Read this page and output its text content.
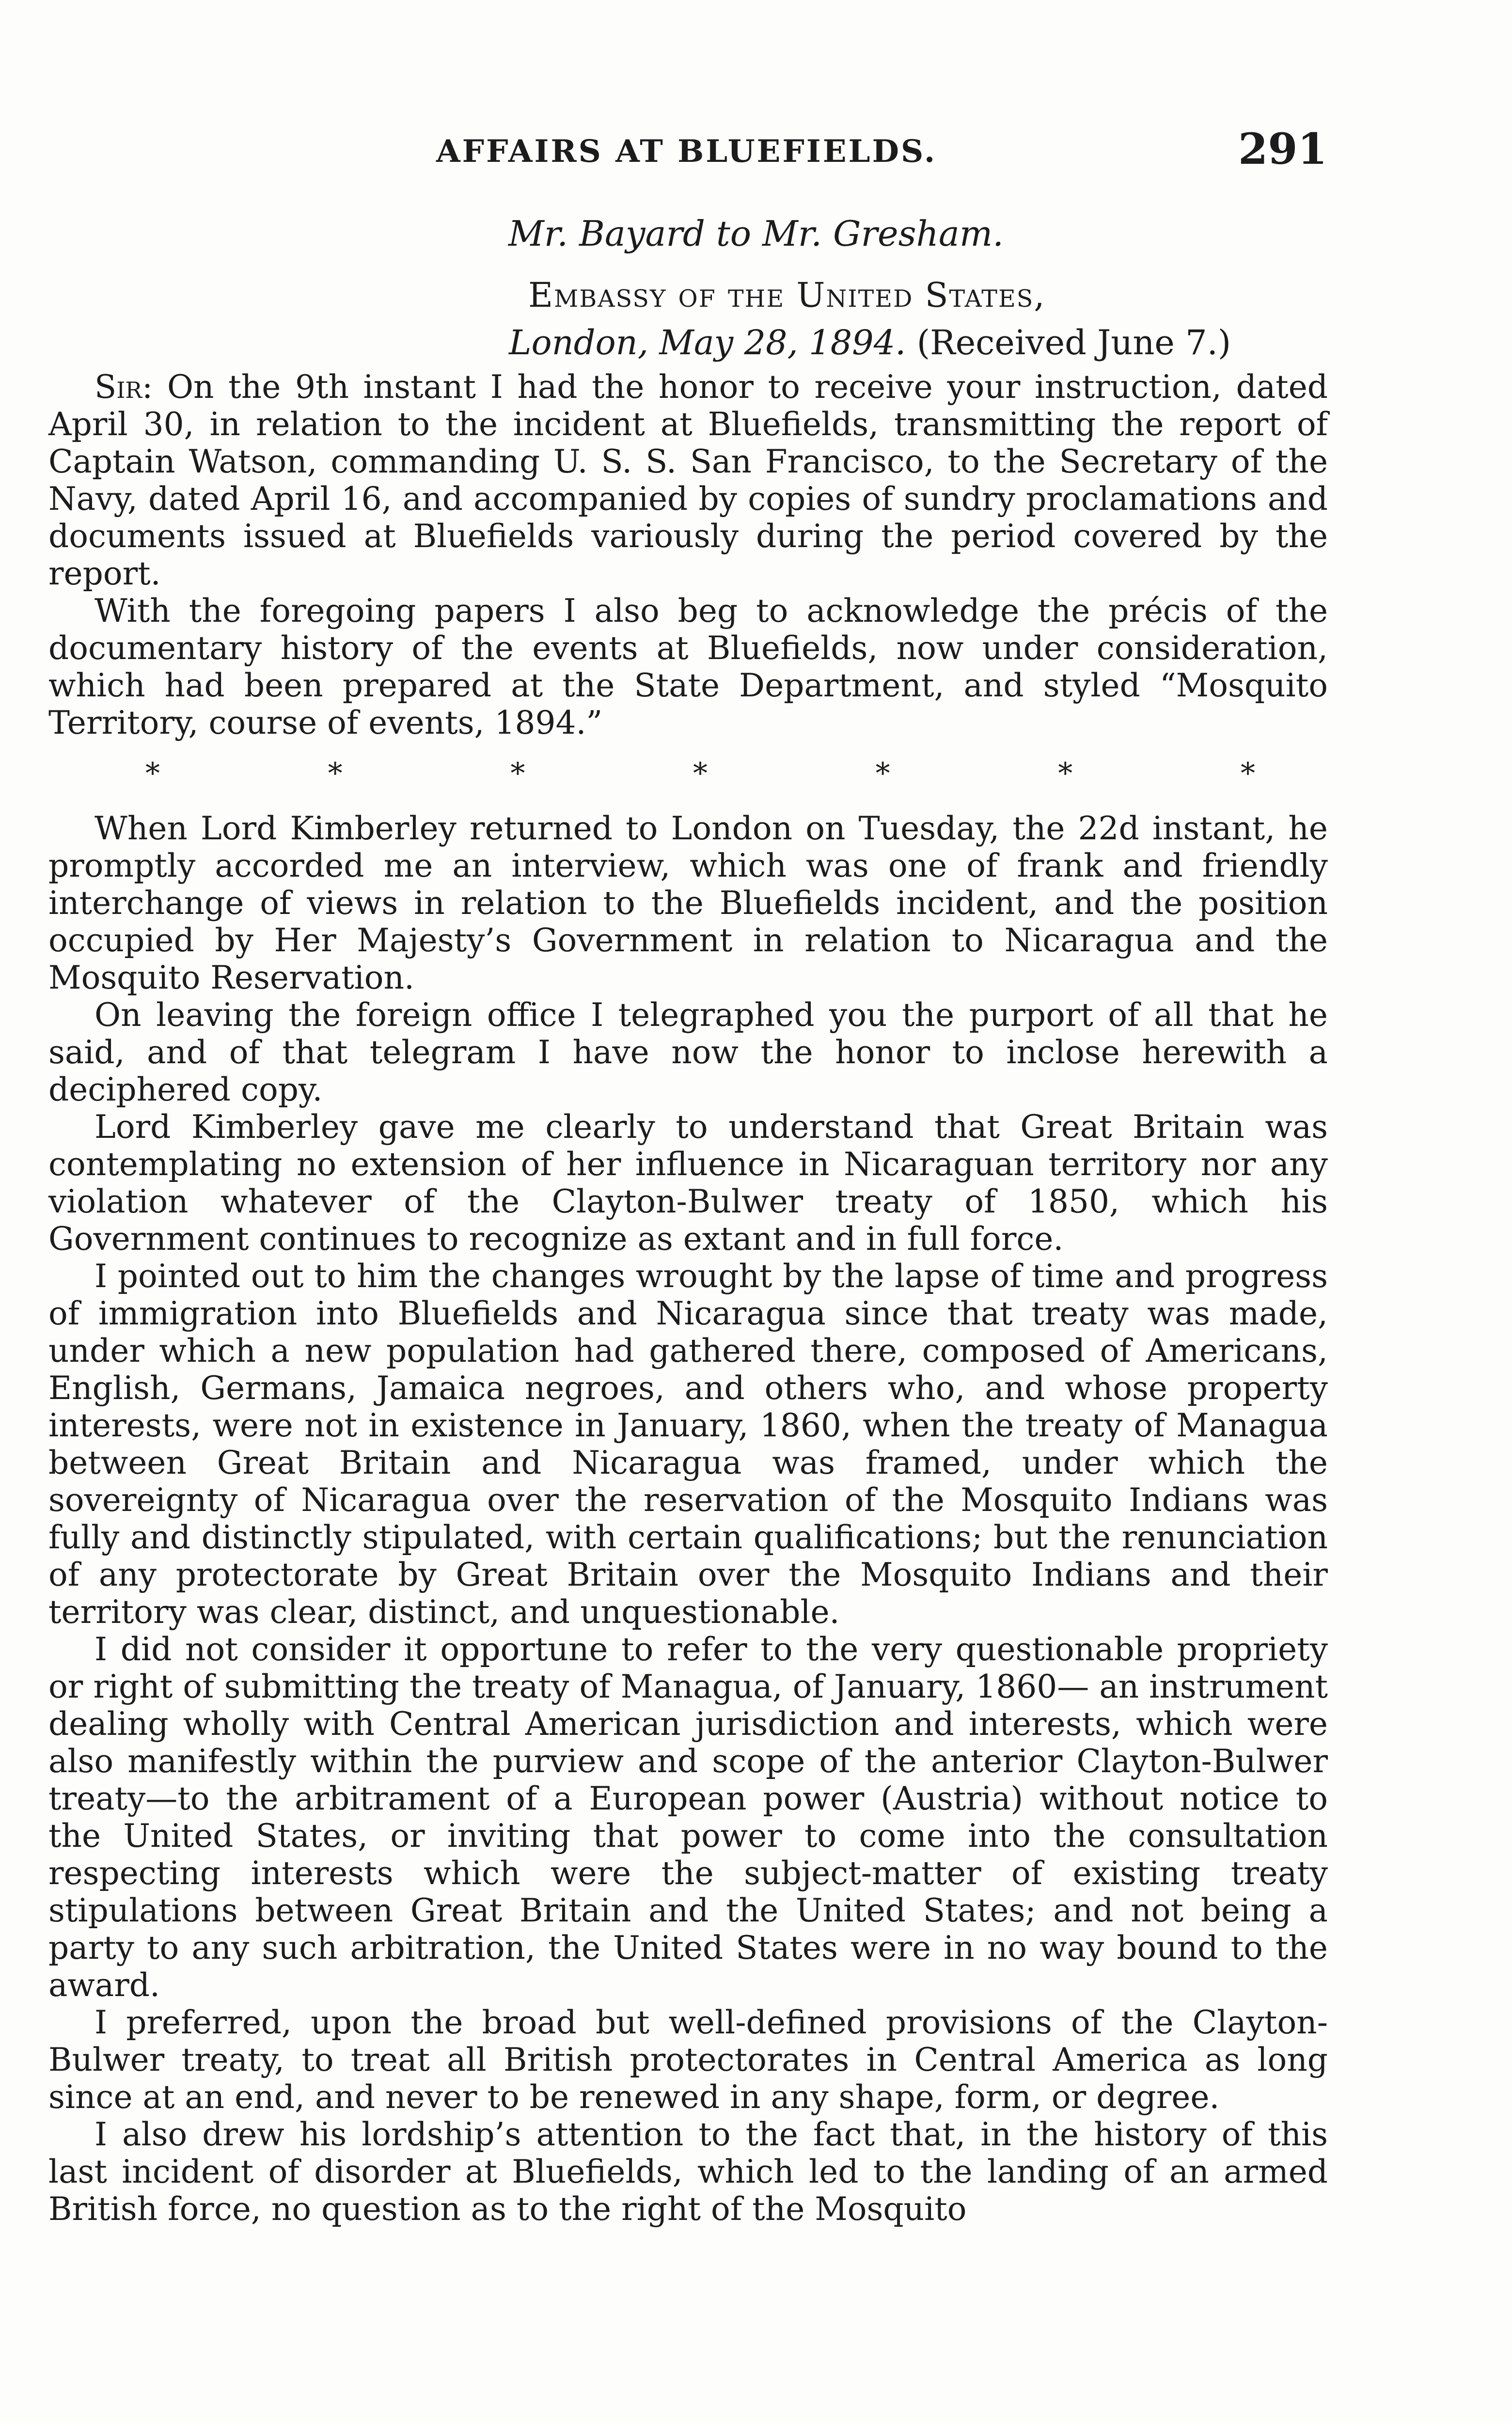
AFFAIRS AT BLUEFIELDS.	291
Mr. Bayard to Mr. Gresham.
Embassy of the United States,
London, May 28, 1894. (Received June 7.)

Sir: On the 9th instant I had the honor to receive your instruction, dated April 30, in relation to the incident at Bluefields, transmitting the report of Captain Watson, commanding U. S. S. San Francisco, to the Secretary of the Navy, dated April 16, and accompanied by copies of sundry proclamations and documents issued at Bluefields variously during the period covered by the report.

With the foregoing papers I also beg to acknowledge the précis of the documentary history of the events at Bluefields, now under consideration, which had been prepared at the State Department, and styled “Mosquito Territory, course of events, 1894.”

*	*	*	*	*	*	*

When Lord Kimberley returned to London on Tuesday, the 22d instant, he promptly accorded me an interview, which was one of frank and friendly interchange of views in relation to the Bluefields incident, and the position occupied by Her Majesty’s Government in relation to Nicaragua and the Mosquito Reservation.

On leaving the foreign office I telegraphed you the purport of all that he said, and of that telegram I have now the honor to inclose herewith a deciphered copy.

Lord Kimberley gave me clearly to understand that Great Britain was contemplating no extension of her influence in Nicaraguan territory nor any violation whatever of the Clayton-Bulwer treaty of 1850, which his Government continues to recognize as extant and in full force.

I pointed out to him the changes wrought by the lapse of time and progress of immigration into Bluefields and Nicaragua since that treaty was made, under which a new population had gathered there, composed of Americans, English, Germans, Jamaica negroes, and others who, and whose property interests, were not in existence in January, 1860, when the treaty of Managua between Great Britain and Nicaragua was framed, under which the sovereignty of Nicaragua over the reservation of the Mosquito Indians was fully and distinctly stipulated, with certain qualifications; but the renunciation of any protectorate by Great Britain over the Mosquito Indians and their territory was clear, distinct, and unquestionable.

I did not consider it opportune to refer to the very questionable propriety or right of submitting the treaty of Managua, of January, 1860— an instrument dealing wholly with Central American jurisdiction and interests, which were also manifestly within the purview and scope of the anterior Clayton-Bulwer treaty—to the arbitrament of a European power (Austria) without notice to the United States, or inviting that power to come into the consultation respecting interests which were the subject-matter of existing treaty stipulations between Great Britain and the United States; and not being a party to any such arbitration, the United States were in no way bound to the award.

I preferred, upon the broad but well-defined provisions of the Clayton-Bulwer treaty, to treat all British protectorates in Central America as long since at an end, and never to be renewed in any shape, form, or degree.

I also drew his lordship’s attention to the fact that, in the history of this last incident of disorder at Bluefields, which led to the landing of an armed British force, no question as to the right of the Mosquito
